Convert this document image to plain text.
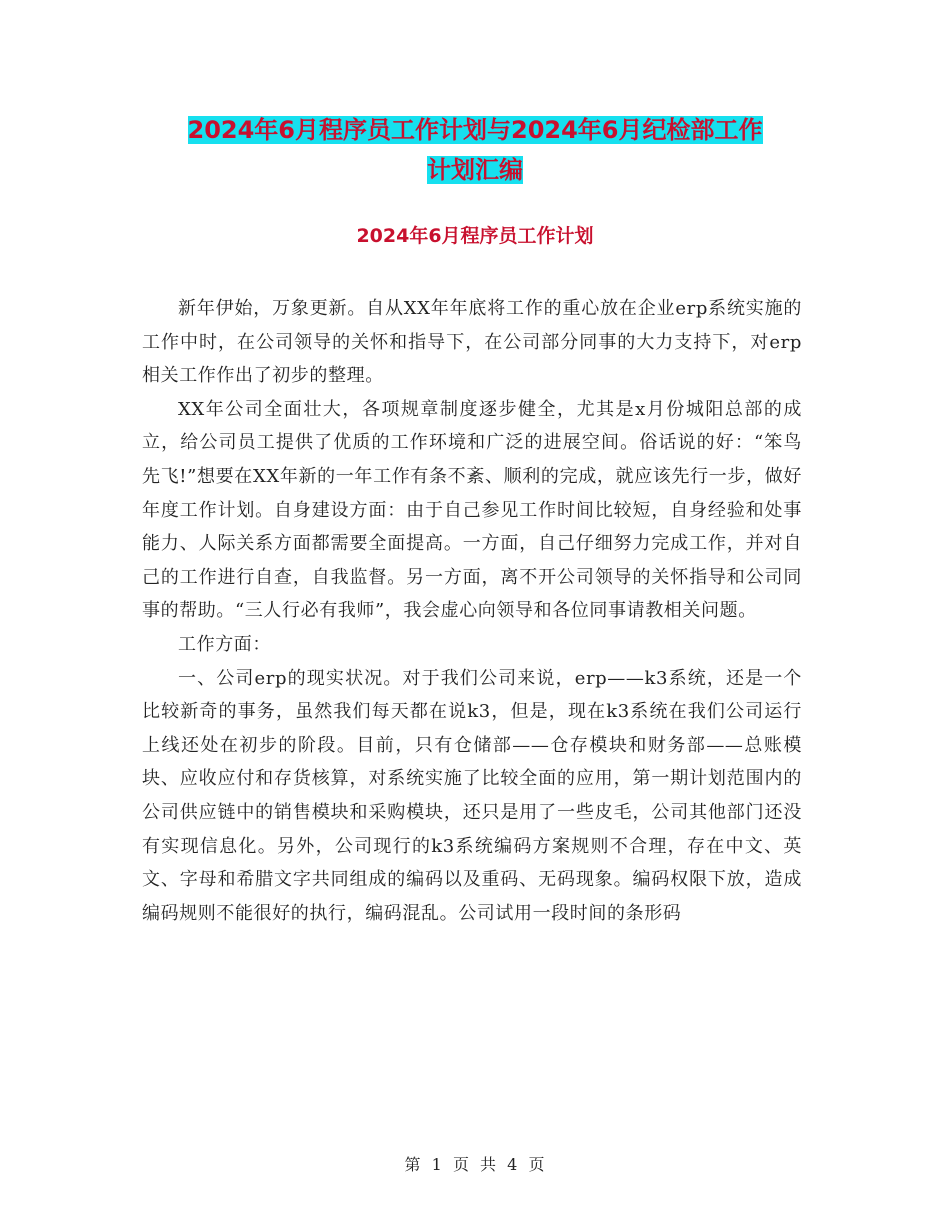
2024年6月程序员工作计划与2024年6月纪检部工作
计划汇编
2024年6月程序员工作计划

新年伊始，万象更新。自从XX年年底将工作的重心放在企业erp系统实施的工作中时，在公司领导的关怀和指导下，在公司部分同事的大力支持下，对erp相关工作作出了初步的整理。

XX年公司全面壮大，各项规章制度逐步健全，尤其是x月份城阳总部的成立，给公司员工提供了优质的工作环境和广泛的进展空间。俗话说的好：“笨鸟先飞!”想要在XX年新的一年工作有条不紊、顺利的完成，就应该先行一步，做好年度工作计划。自身建设方面：由于自己参见工作时间比较短，自身经验和处事能力、人际关系方面都需要全面提高。一方面，自己仔细努力完成工作，并对自己的工作进行自查，自我监督。另一方面，离不开公司领导的关怀指导和公司同事的帮助。“三人行必有我师”，我会虚心向领导和各位同事请教相关问题。

工作方面：

一、公司erp的现实状况。对于我们公司来说，erp——k3系统，还是一个比较新奇的事务，虽然我们每天都在说k3，但是，现在k3系统在我们公司运行上线还处在初步的阶段。目前，只有仓储部——仓存模块和财务部——总账模块、应收应付和存货核算，对系统实施了比较全面的应用，第一期计划范围内的公司供应链中的销售模块和采购模块，还只是用了一些皮毛，公司其他部门还没有实现信息化。另外，公司现行的k3系统编码方案规则不合理，存在中文、英文、字母和希腊文字共同组成的编码以及重码、无码现象。编码权限下放，造成编码规则不能很好的执行，编码混乱。公司试用一段时间的条形码

第 1 页 共 4 页
